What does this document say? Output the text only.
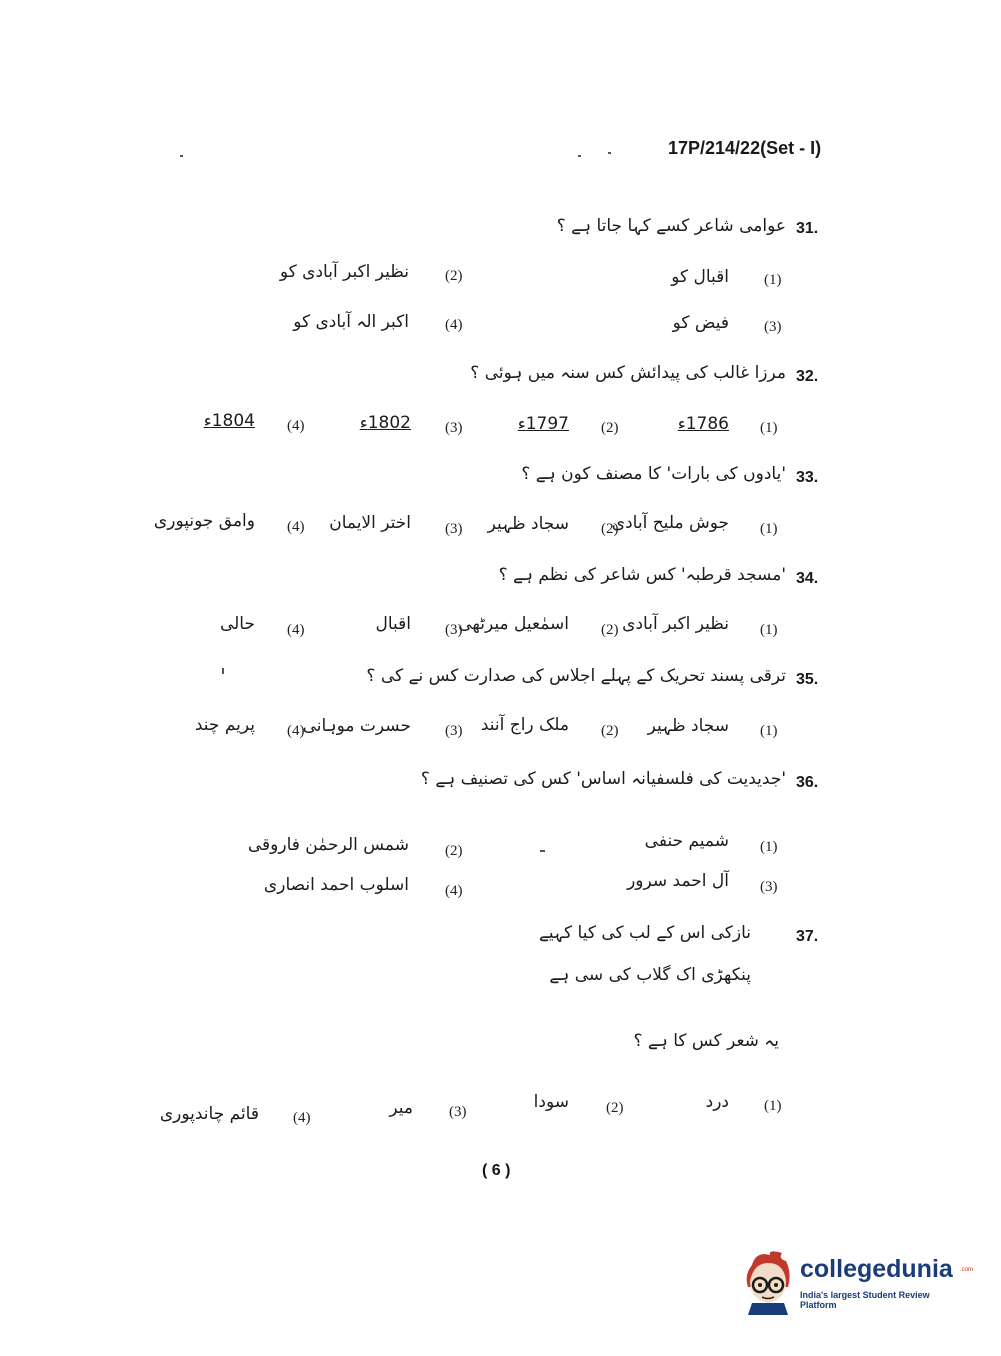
17P/214/22(Set - I)
31.
عوامی شاعر کسے کہا جاتا ہے ؟
(1)
اقبال کو
(2)
نظیر اکبر آبادی کو
(3)
فیض کو
(4)
اکبر الہ آبادی کو
32.
مرزا غالب کی پیدائش کس سنہ میں ہوئی ؟
(1)
1786ء
(2)
1797ء
(3)
1802ء
(4)
1804ء
33.
'یادوں کی بارات' کا مصنف کون ہے ؟
(1)
جوش ملیح آبادی
(2)
سجاد ظہیر
(3)
اختر الایمان
(4)
وامق جونپوری
34.
'مسجد قرطبہ' کس شاعر کی نظم ہے ؟
(1)
نظیر اکبر آبادی
(2)
اسمٰعیل میرٹھی
(3)
اقبال
(4)
حالی
35.
ترقی پسند تحریک کے پہلے اجلاس کی صدارت کس نے کی ؟
(1)
سجاد ظہیر
(2)
ملک راج آنند
(3)
حسرت موہانی
(4)
پریم چند
36.
'جدیدیت کی فلسفیانہ اساس' کس کی تصنیف ہے ؟
(1)
شمیم حنفی
(2)
شمس الرحمٰن فاروقی
(3)
آل احمد سرور
(4)
اسلوب احمد انصاری
37.
نازکی اس کے لب کی کیا کہیے
پنکھڑی اک گلاب کی سی ہے
یہ شعر کس کا ہے ؟
(1)
درد
(2)
سودا
(3)
میر
(4)
قائم چاندپوری
( 6 )
collegedunia .com
India's largest Student Review Platform
